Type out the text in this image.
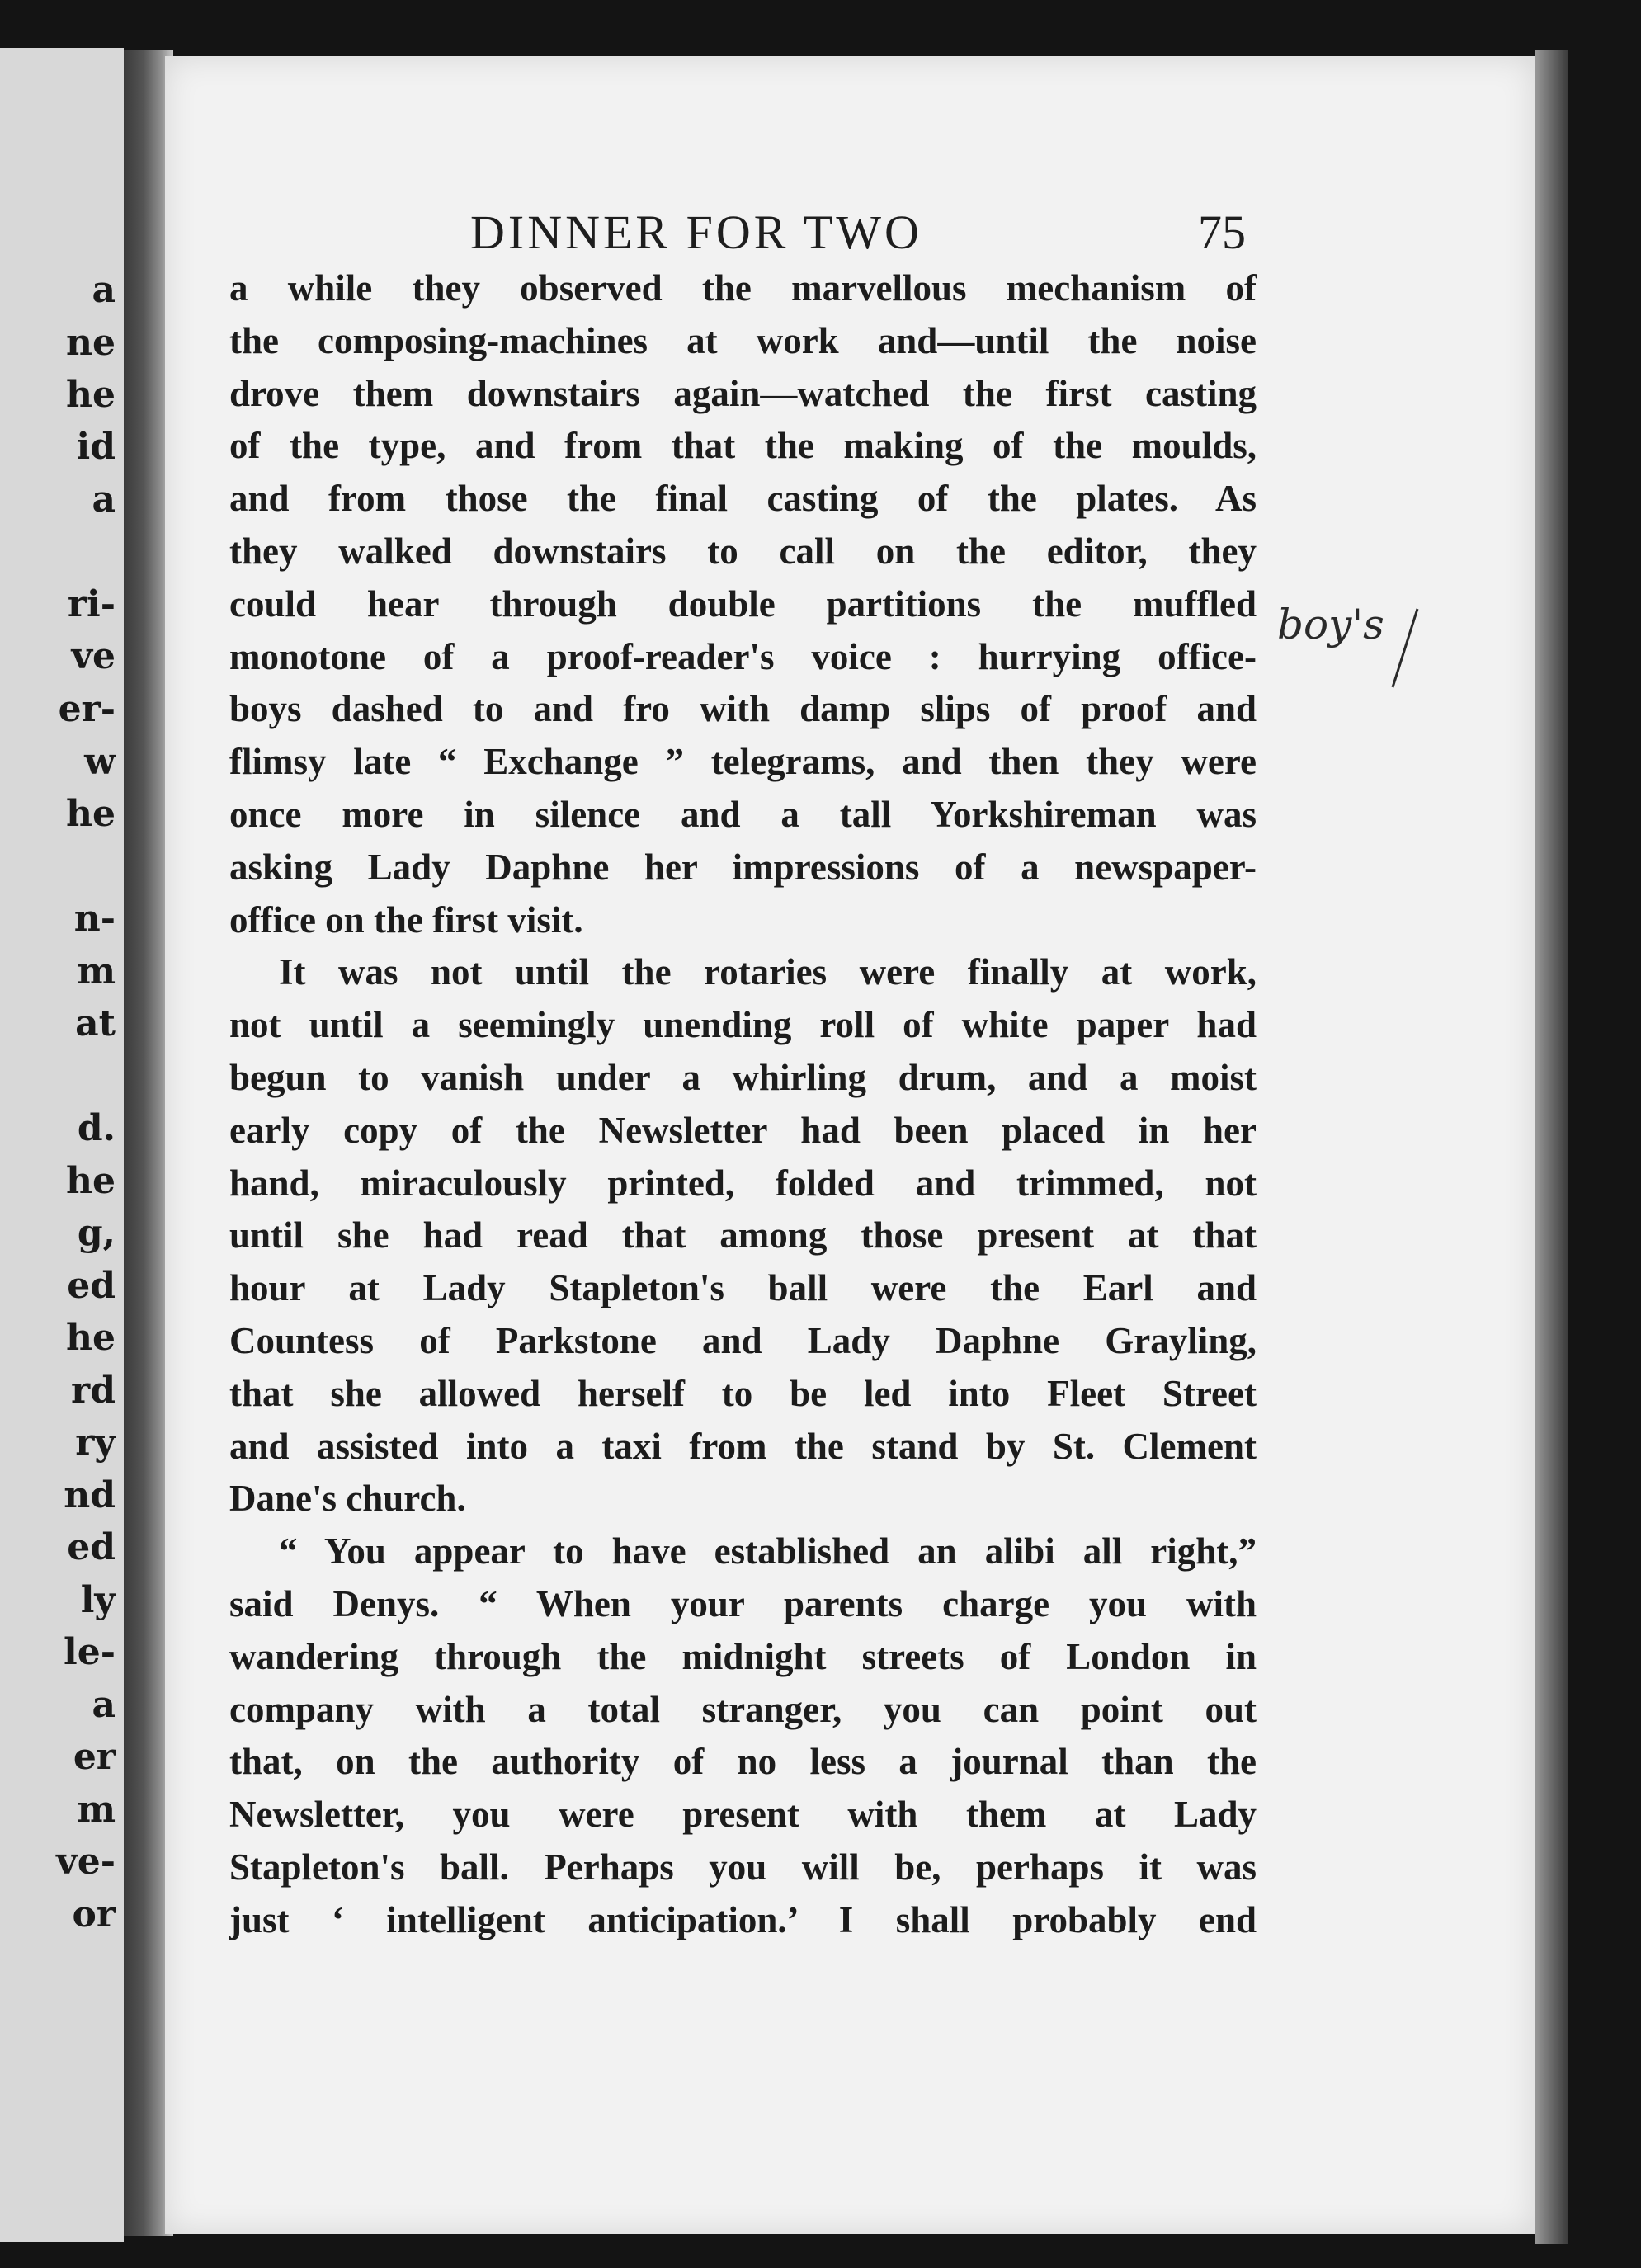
a
ne
he
id
a
ri-
ve
er-
w
he
n-
m
at
d.
he
g,
ed
he
rd
ry
nd
ed
ly
le-
a
er
m
ve-
or
DINNER FOR TWO	75
a while they observed the marvellous mechanism of
the composing-machines at work and—until the noise
drove them downstairs again—watched the first casting
of the type, and from that the making of the moulds,
and from those the final casting of the plates. As
they walked downstairs to call on the editor, they
could hear through double partitions the muffled
monotone of a proof-reader's voice : hurrying office-
boys dashed to and fro with damp slips of proof and
flimsy late “ Exchange ” telegrams, and then they were
once more in silence and a tall Yorkshireman was
asking Lady Daphne her impressions of a newspaper-
office on the first visit.
It was not until the rotaries were finally at work,
not until a seemingly unending roll of white paper had
begun to vanish under a whirling drum, and a moist
early copy of the Newsletter had been placed in her
hand, miraculously printed, folded and trimmed, not
until she had read that among those present at that
hour at Lady Stapleton's ball were the Earl and
Countess of Parkstone and Lady Daphne Grayling,
that she allowed herself to be led into Fleet Street
and assisted into a taxi from the stand by St. Clement
Dane's church.
“ You appear to have established an alibi all right,”
said Denys. “ When your parents charge you with
wandering through the midnight streets of London in
company with a total stranger, you can point out
that, on the authority of no less a journal than the
Newsletter, you were present with them at Lady
Stapleton's ball. Perhaps you will be, perhaps it was
just ‘ intelligent anticipation.’ I shall probably end
boy's
